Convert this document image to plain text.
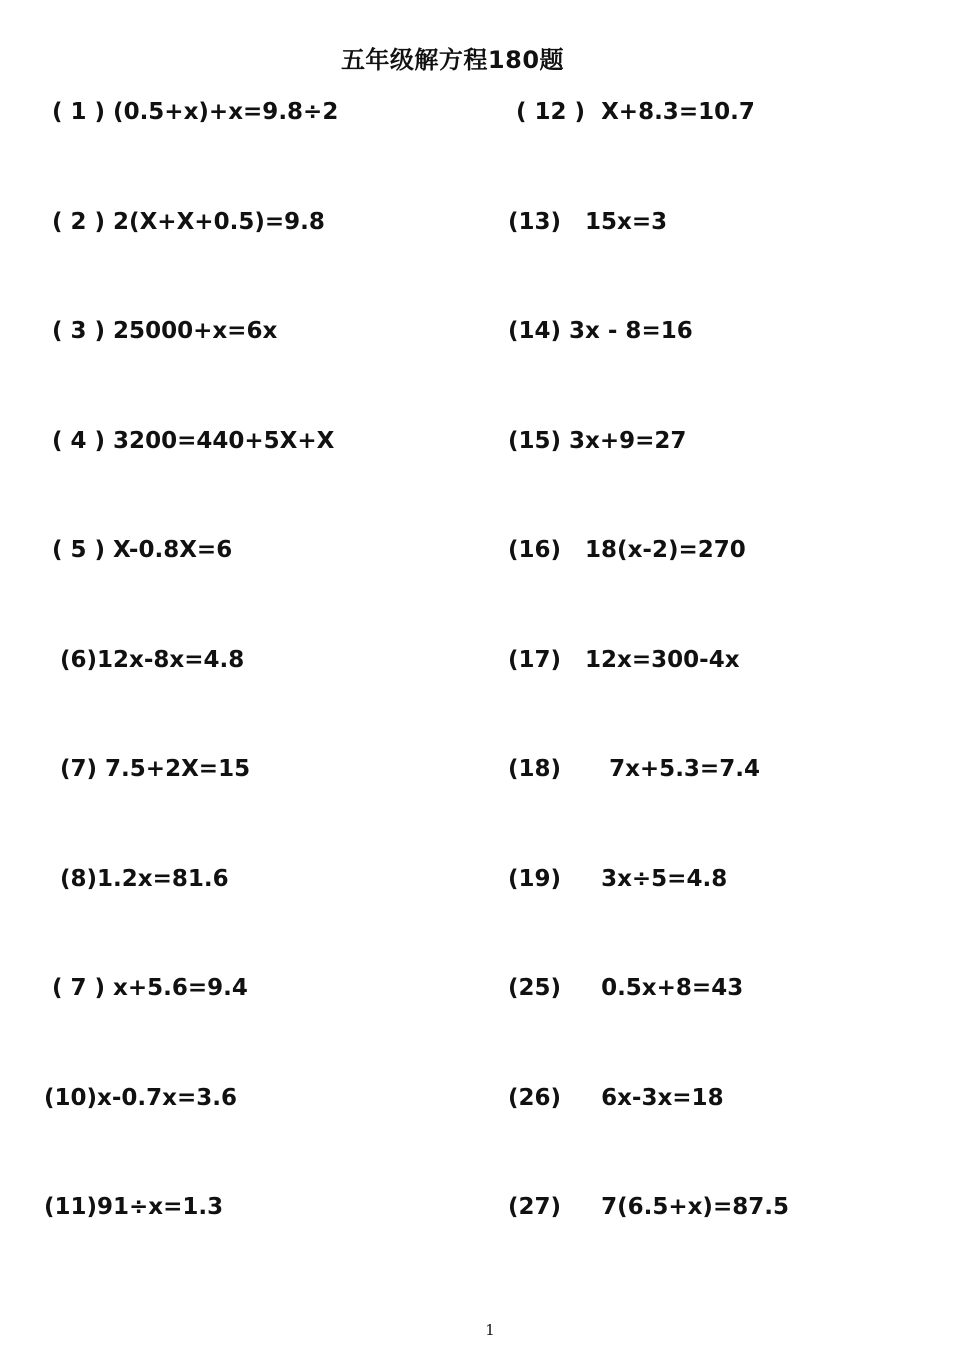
五年级解方程180题
( 1 ) (0.5+x)+x=9.8÷2
( 2 ) 2(X+X+0.5)=9.8
( 3 ) 25000+x=6x
( 4 ) 3200=440+5X+X
( 5 ) X-0.8X=6
(6)12x-8x=4.8
(7) 7.5+2X=15
(8)1.2x=81.6
( 7 ) x+5.6=9.4
(10)x-0.7x=3.6
(11)91÷x=1.3
( 12 )  X+8.3=10.7
(13)   15x=3
(14) 3x - 8=16
(15) 3x+9=27
(16)   18(x-2)=270
(17)   12x=300-4x
(18)      7x+5.3=7.4
(19)     3x÷5=4.8
(25)     0.5x+8=43
(26)     6x-3x=18
(27)     7(6.5+x)=87.5
1
